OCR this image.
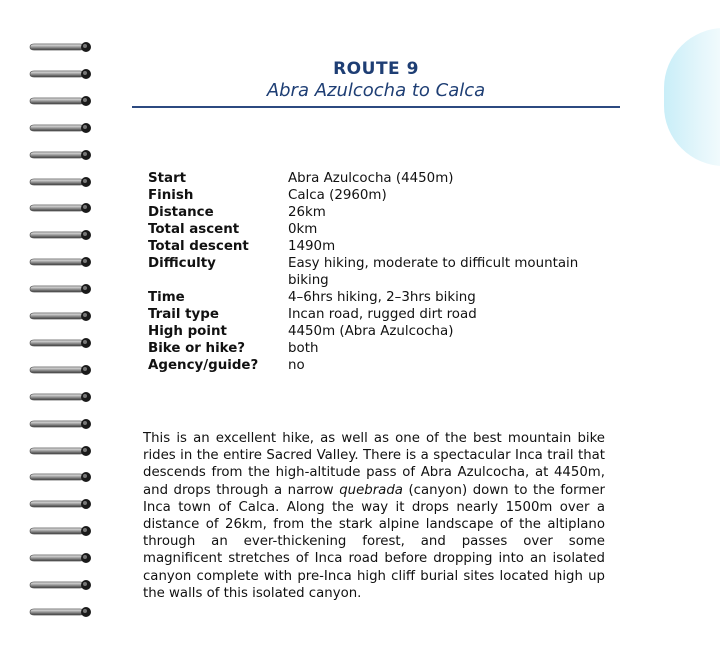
ROUTE 9
Abra Azulcocha to Calca
Start	Abra Azulcocha (4450m)
Finish	Calca (2960m)
Distance	26km
Total ascent	0km
Total descent	1490m
Difficulty	Easy hiking, moderate to difficult mountain biking
Time	4–6hrs hiking, 2–3hrs biking
Trail type	Incan road, rugged dirt road
High point	4450m (Abra Azulcocha)
Bike or hike?	both
Agency/guide?	no
This is an excellent hike, as well as one of the best mountain bike rides in the entire Sacred Valley. There is a spectacular Inca trail that descends from the high-altitude pass of Abra Azulcocha, at 4450m, and drops through a narrow quebrada (canyon) down to the former Inca town of Calca. Along the way it drops nearly 1500m over a distance of 26km, from the stark alpine landscape of the altiplano through an ever-thickening forest, and passes over some magnificent stretches of Inca road before dropping into an isolated canyon complete with pre-Inca high cliff burial sites located high up the walls of this isolated canyon.
